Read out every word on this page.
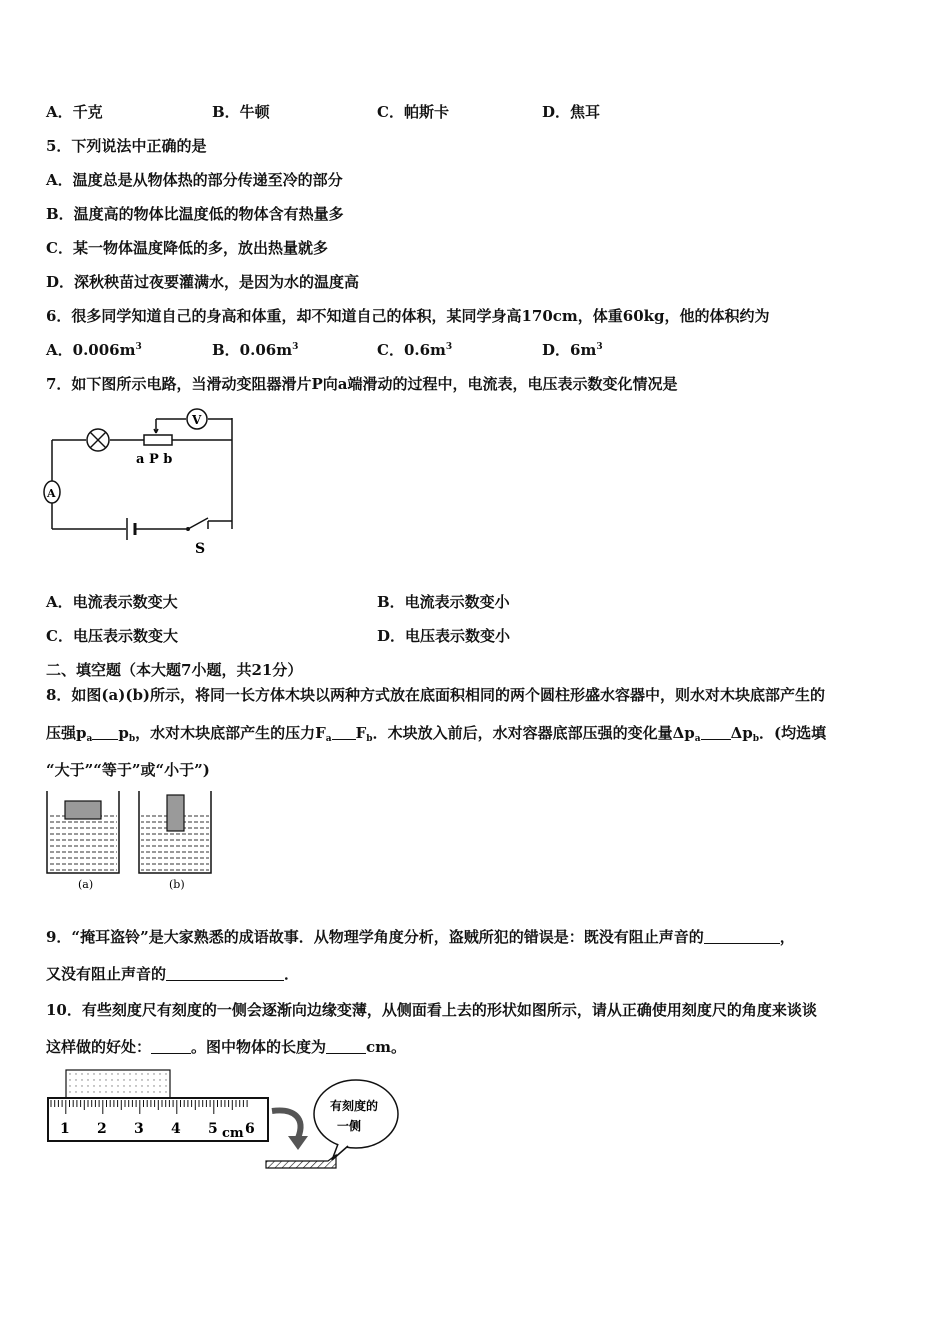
A．千克	B．牛顿	C．帕斯卡	D．焦耳
5．下列说法中正确的是
A．温度总是从物体热的部分传递至冷的部分
B．温度高的物体比温度低的物体含有热量多
C．某一物体温度降低的多，放出热量就多
D．深秋秧苗过夜要灌满水，是因为水的温度高
6．很多同学知道自己的身高和体重，却不知道自己的体积，某同学身高170cm，体重60kg，他的体积约为
A．$0.006m^3$	B．$0.06m^3$	C．$0.6m^3$	D．$6m^3$
7．如下图所示电路，当滑动变阻器滑片P向a端滑动的过程中，电流表，电压表示数变化情况是
a P b
V
A
S
A．电流表示数变大	B．电流表示数变小
C．电压表示数变大	D．电压表示数变小
二、填空题（本大题7小题，共21分）
8．如图(a)(b)所示，将同一长方体木块以两种方式放在底面积相同的两个圆柱形盛水容器中，则水对木块底部产生的
压强$p_a$ $p_b$，水对木块底部产生的压力$F_a$ $F_b$．木块放入前后，水对容器底部压强的变化量$\Delta p_a$ $\Delta p_b$．(均选填
“大于”“等于”或“小于”)
(a)	(b)
9．“掩耳盗铃”是大家熟悉的成语故事．从物理学角度分析，盗贼所犯的错误是：既没有阻止声音的	，
又没有阻止声音的	．
10．有些刻度尺有刻度的一侧会逐渐向边缘变薄，从侧面看上去的形状如图所示，请从正确使用刻度尺的角度来谈谈
这样做的好处：	。图中物体的长度为	cm。
1 2 3 4 5 6
cm
有刻度的
一侧
